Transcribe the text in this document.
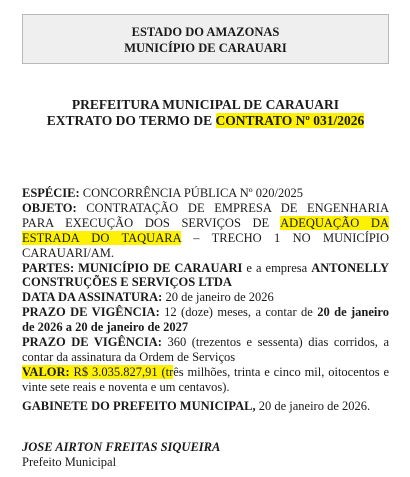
ESTADO DO AMAZONAS
MUNICÍPIO DE CARAUARI
PREFEITURA MUNICIPAL DE CARAUARI
EXTRATO DO TERMO DE CONTRATO Nº 031/2026

ESPÉCIE: CONCORRÊNCIA PÚBLICA Nº 020/2025

OBJETO: CONTRATAÇÃO DE EMPRESA DE ENGENHARIA PARA EXECUÇÃO DOS SERVIÇOS DE ADEQUAÇÃO DA ESTRADA DO TAQUARA – TRECHO 1 NO MUNICÍPIO CARAUARI/AM.

PARTES: MUNICÍPIO DE CARAUARI e a empresa ANTONELLY CONSTRUÇÕES E SERVIÇOS LTDA

DATA DA ASSINATURA: 20 de janeiro de 2026

PRAZO DE VIGÊNCIA: 12 (doze) meses, a contar de 20 de janeiro de 2026 a 20 de janeiro de 2027

PRAZO DE VIGÊNCIA: 360 (trezentos e sessenta) dias corridos, a contar da assinatura da Ordem de Serviços

VALOR: R$ 3.035.827,91 (três milhões, trinta e cinco mil, oitocentos e vinte sete reais e noventa e um centavos).

GABINETE DO PREFEITO MUNICIPAL, 20 de janeiro de 2026.
JOSE AIRTON FREITAS SIQUEIRA
Prefeito Municipal
